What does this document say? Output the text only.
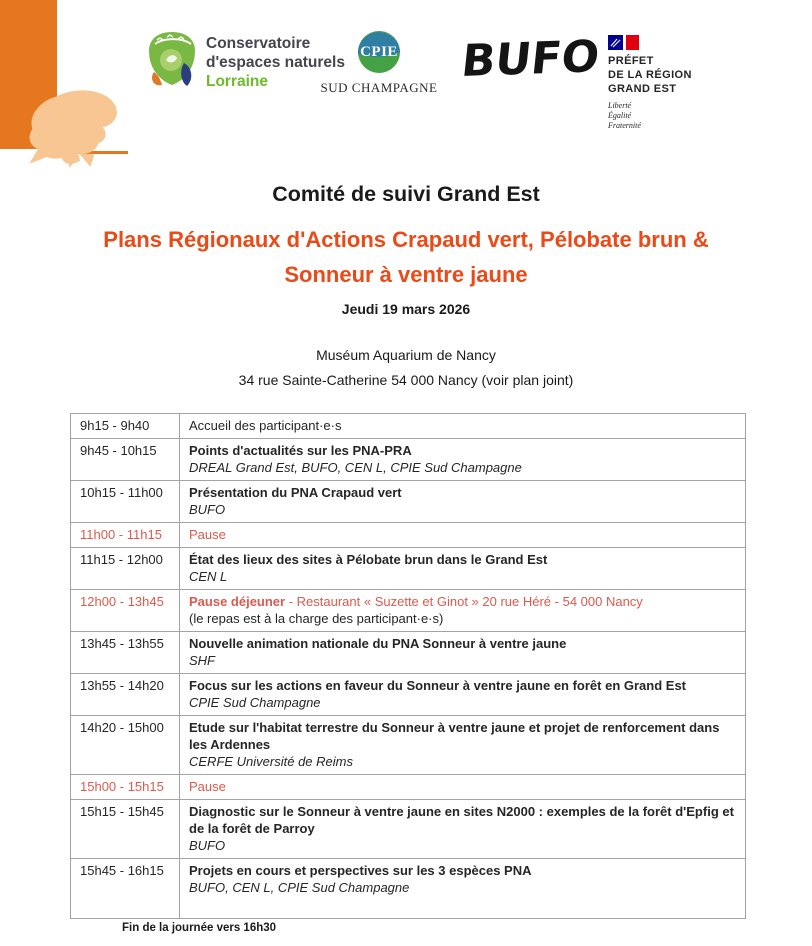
Conservatoire
d'espaces naturels
Lorraine
CPIE
SUD CHAMPAGNE
BUFO PRÉFET
DE LA RÉGION
GRAND EST
Liberté
Égalité
Fraternité
Comité de suivi Grand Est
Plans Régionaux d'Actions Crapaud vert, Pélobate brun &
Sonneur à ventre jaune
Jeudi 19 mars 2026
Muséum Aquarium de Nancy
34 rue Sainte-Catherine 54 000 Nancy (voir plan joint)
9h15 - 9h40	Accueil des participant·e·s

9h45 - 10h15	Points d'actualités sur les PNA-PRA
DREAL Grand Est, BUFO, CEN L, CPIE Sud Champagne

10h15 - 11h00	Présentation du PNA Crapaud vert
BUFO

11h00 - 11h15	Pause

11h15 - 12h00	État des lieux des sites à Pélobate brun dans le Grand Est
CEN L

12h00 - 13h45	Pause déjeuner - Restaurant « Suzette et Ginot » 20 rue Héré - 54 000 Nancy
(le repas est à la charge des participant·e·s)

13h45 - 13h55	Nouvelle animation nationale du PNA Sonneur à ventre jaune
SHF

13h55 - 14h20	Focus sur les actions en faveur du Sonneur à ventre jaune en forêt en Grand Est
CPIE Sud Champagne

14h20 - 15h00	Etude sur l'habitat terrestre du Sonneur à ventre jaune et projet de renforcement dans les Ardennes
CERFE Université de Reims

15h00 - 15h15	Pause

15h15 - 15h45	Diagnostic sur le Sonneur à ventre jaune en sites N2000 : exemples de la forêt d'Epfig et de la forêt de Parroy
BUFO

15h45 - 16h15	Projets en cours et perspectives sur les 3 espèces PNA
BUFO, CEN L, CPIE Sud Champagne
Fin de la journée vers 16h30
